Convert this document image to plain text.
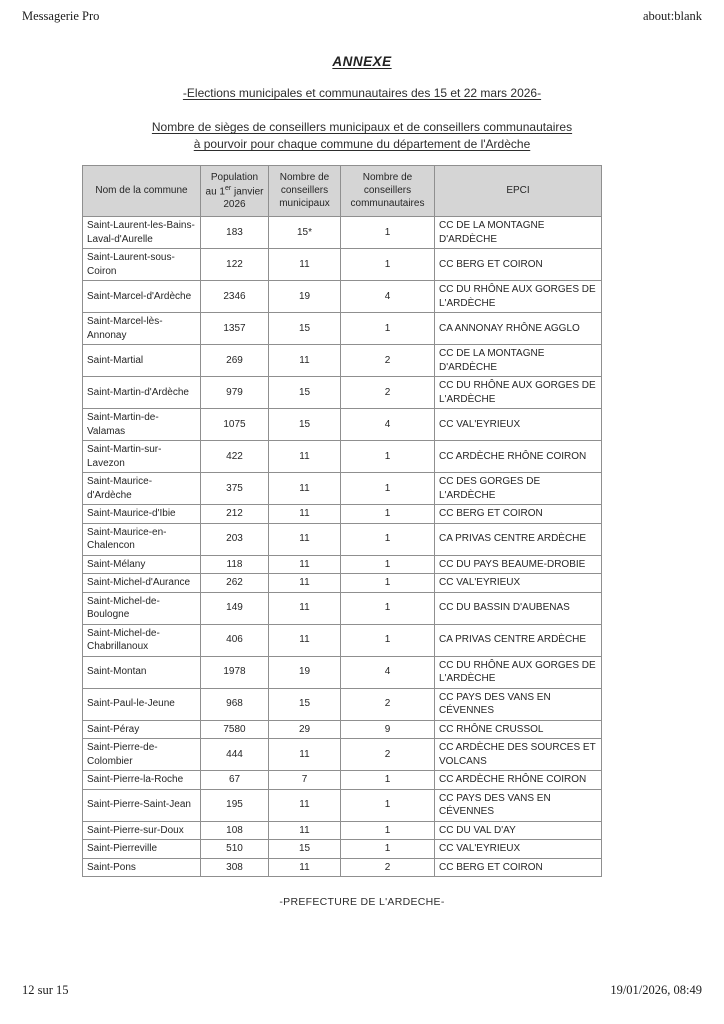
Messagerie Pro	about:blank
ANNEXE
-Elections municipales et communautaires des 15 et 22 mars 2026-
Nombre de sièges de conseillers municipaux et de conseillers communautaires
à pourvoir pour chaque commune du département de l'Ardèche
Nom de la commune	Population au 1er janvier 2026	Nombre de conseillers municipaux	Nombre de conseillers communautaires	EPCI
Saint-Laurent-les-Bains-Laval-d'Aurelle	183	15*	1	CC DE LA MONTAGNE D'ARDÈCHE
Saint-Laurent-sous-Coiron	122	11	1	CC BERG ET COIRON
Saint-Marcel-d'Ardèche	2346	19	4	CC DU RHÔNE AUX GORGES DE L'ARDÈCHE
Saint-Marcel-lès-Annonay	1357	15	1	CA ANNONAY RHÔNE AGGLO
Saint-Martial	269	11	2	CC DE LA MONTAGNE D'ARDÈCHE
Saint-Martin-d'Ardèche	979	15	2	CC DU RHÔNE AUX GORGES DE L'ARDÈCHE
Saint-Martin-de-Valamas	1075	15	4	CC VAL'EYRIEUX
Saint-Martin-sur-Lavezon	422	11	1	CC ARDÈCHE RHÔNE COIRON
Saint-Maurice-d'Ardèche	375	11	1	CC DES GORGES DE L'ARDÈCHE
Saint-Maurice-d'Ibie	212	11	1	CC BERG ET COIRON
Saint-Maurice-en-Chalencon	203	11	1	CA PRIVAS CENTRE ARDÈCHE
Saint-Mélany	118	11	1	CC DU PAYS BEAUME-DROBIE
Saint-Michel-d'Aurance	262	11	1	CC VAL'EYRIEUX
Saint-Michel-de-Boulogne	149	11	1	CC DU BASSIN D'AUBENAS
Saint-Michel-de-Chabrillanoux	406	11	1	CA PRIVAS CENTRE ARDÈCHE
Saint-Montan	1978	19	4	CC DU RHÔNE AUX GORGES DE L'ARDÈCHE
Saint-Paul-le-Jeune	968	15	2	CC PAYS DES VANS EN CÉVENNES
Saint-Péray	7580	29	9	CC RHÔNE CRUSSOL
Saint-Pierre-de-Colombier	444	11	2	CC ARDÈCHE DES SOURCES ET VOLCANS
Saint-Pierre-la-Roche	67	7	1	CC ARDÈCHE RHÔNE COIRON
Saint-Pierre-Saint-Jean	195	11	1	CC PAYS DES VANS EN CÉVENNES
Saint-Pierre-sur-Doux	108	11	1	CC DU VAL D'AY
Saint-Pierreville	510	15	1	CC VAL'EYRIEUX
Saint-Pons	308	11	2	CC BERG ET COIRON
-PREFECTURE DE L'ARDECHE-
12 sur 15	19/01/2026, 08:49
